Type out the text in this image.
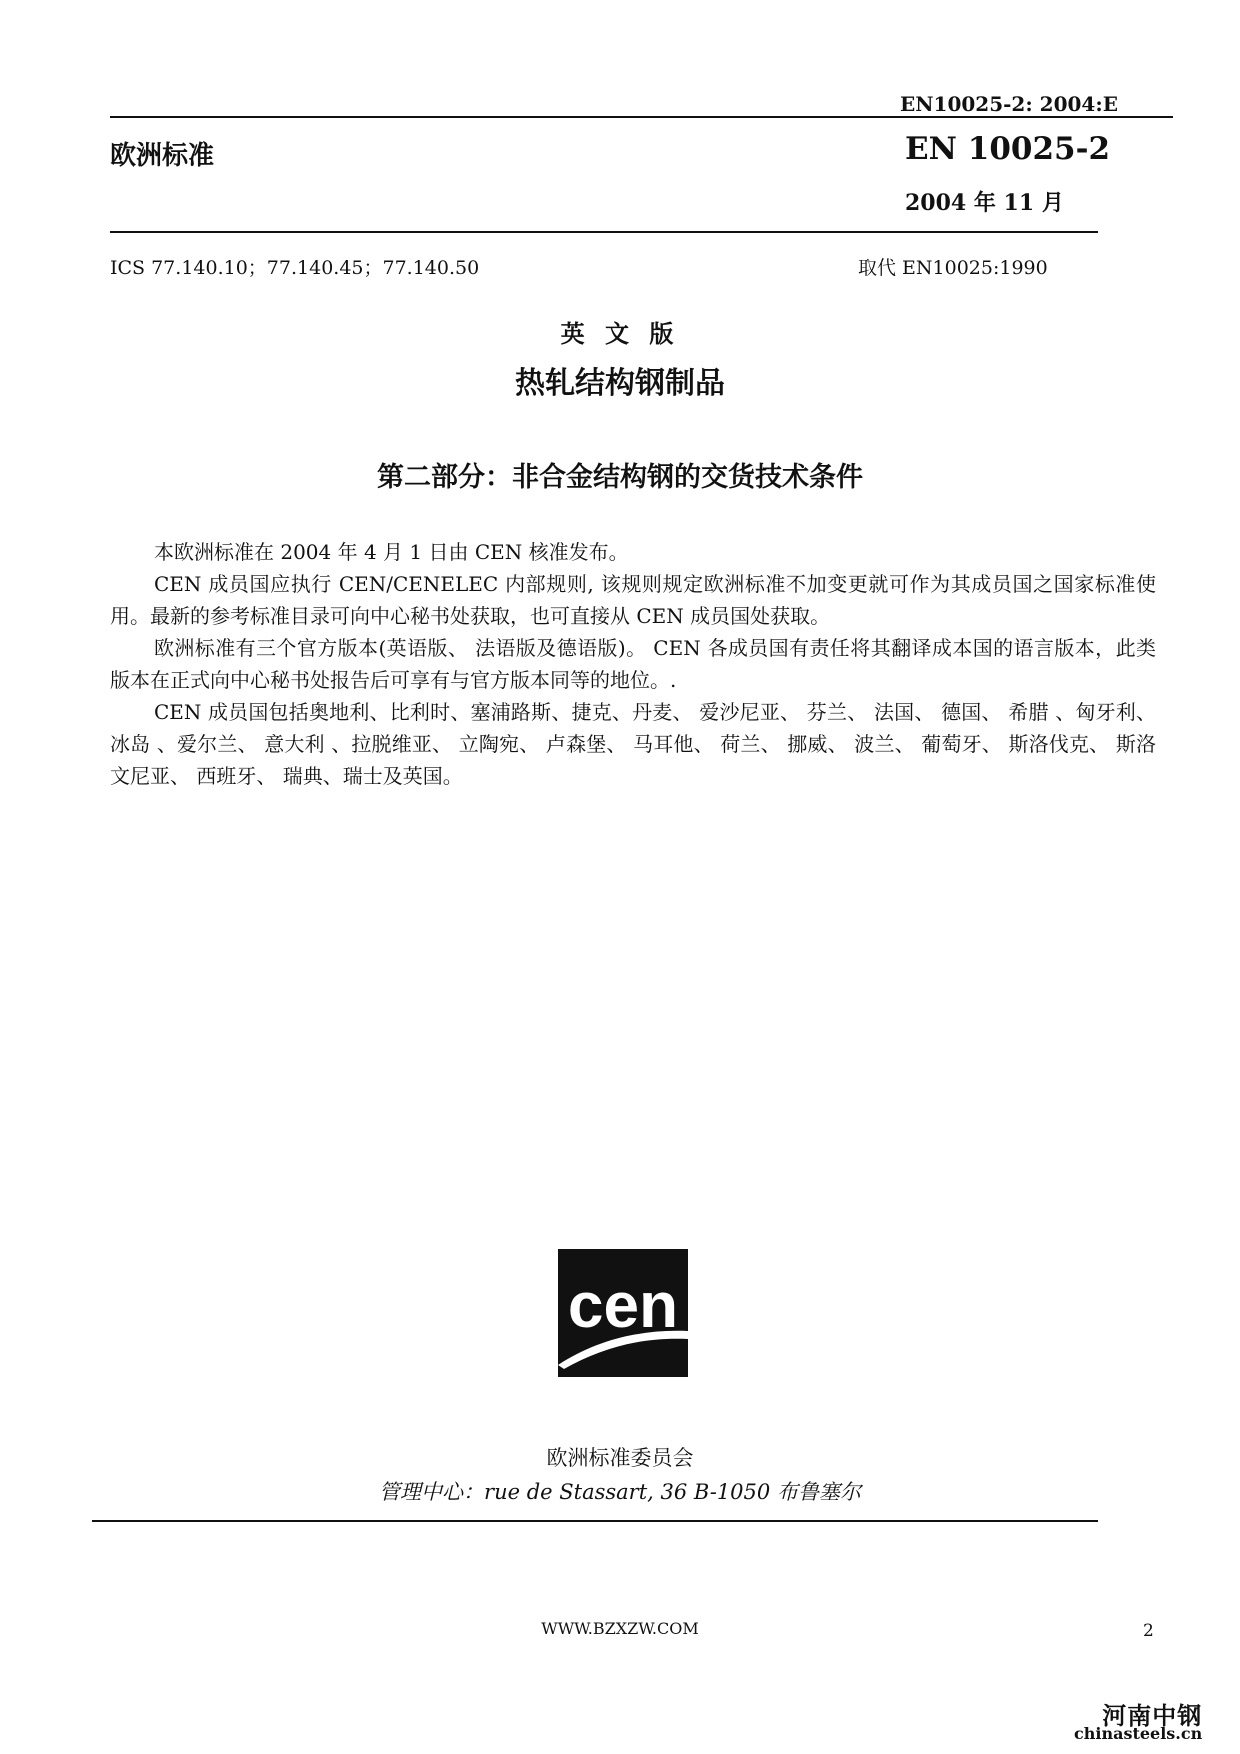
EN10025-2: 2004:E
欧洲标准	EN 10025-2
2004 年 11 月
ICS 77.140.10；77.140.45；77.140.50	取代 EN10025:1990
英 文 版
热轧结构钢制品
第二部分：非合金结构钢的交货技术条件

本欧洲标准在 2004 年 4 月 1 日由 CEN 核准发布。

CEN 成员国应执行 CEN/CENELEC 内部规则, 该规则规定欧洲标准不加变更就可作为其成员国之国家标准使用。最新的参考标准目录可向中心秘书处获取，也可直接从 CEN 成员国处获取。

欧洲标准有三个官方版本(英语版、 法语版及德语版)。 CEN 各成员国有责任将其翻译成本国的语言版本，此类版本在正式向中心秘书处报告后可享有与官方版本同等的地位。.

CEN 成员国包括奥地利、比利时、塞浦路斯、捷克、丹麦、 爱沙尼亚、 芬兰、 法国、 德国、 希腊 、匈牙利、 冰岛 、爱尔兰、 意大利 、拉脱维亚、 立陶宛、 卢森堡、 马耳他、 荷兰、 挪威、 波兰、 葡萄牙、 斯洛伐克、 斯洛文尼亚、 西班牙、 瑞典、瑞士及英国。

cen
欧洲标准委员会
管理中心：rue de Stassart, 36 B-1050 布鲁塞尔
WWW.BZXZW.COM	2
河南中钢
chinasteels.cn
